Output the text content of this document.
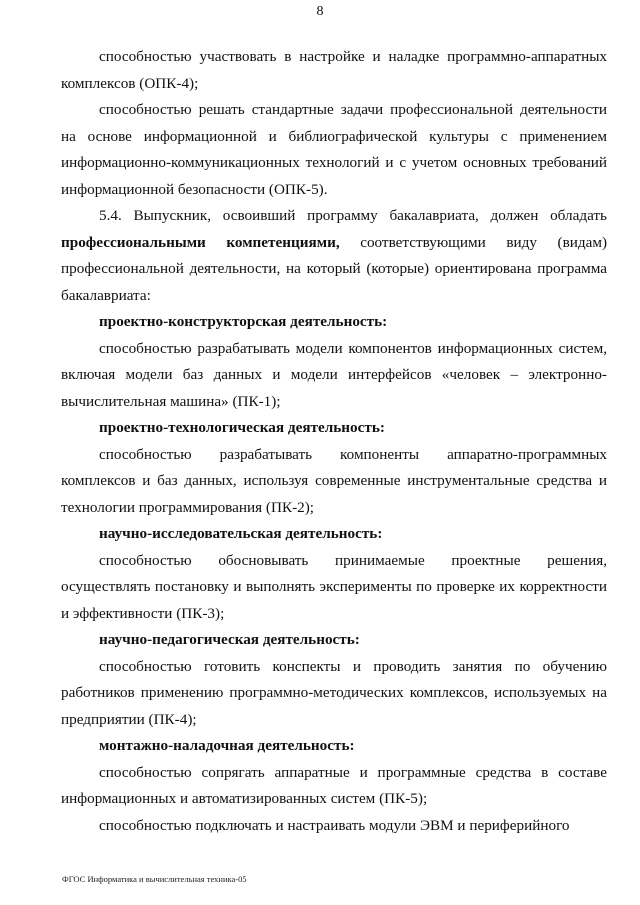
8

способностью участвовать в настройке и наладке программно-аппаратных комплексов (ОПК-4);

способностью решать стандартные задачи профессиональной деятельности на основе информационной и библиографической культуры с применением информационно-коммуникационных технологий и с учетом основных требований информационной безопасности (ОПК-5).

5.4. Выпускник, освоивший программу бакалавриата, должен обладать профессиональными компетенциями, соответствующими виду (видам) профессиональной деятельности, на который (которые) ориентирована программа бакалавриата:

проектно-конструкторская деятельность:

способностью разрабатывать модели компонентов информационных систем, включая модели баз данных и модели интерфейсов «человек – электронно-вычислительная машина» (ПК-1);

проектно-технологическая деятельность:

способностью разрабатывать компоненты аппаратно-программных комплексов и баз данных, используя современные инструментальные средства и технологии программирования (ПК-2);

научно-исследовательская деятельность:

способностью обосновывать принимаемые проектные решения, осуществлять постановку и выполнять эксперименты по проверке их корректности и эффективности (ПК-3);

научно-педагогическая деятельность:

способностью готовить конспекты и проводить занятия по обучению работников применению программно-методических комплексов, используемых на предприятии (ПК-4);

монтажно-наладочная деятельность:

способностью сопрягать аппаратные и программные средства в составе информационных и автоматизированных систем (ПК-5);

способностью подключать и настраивать модули ЭВМ и периферийного

ФГОС Информатика и вычислительная техника-05
